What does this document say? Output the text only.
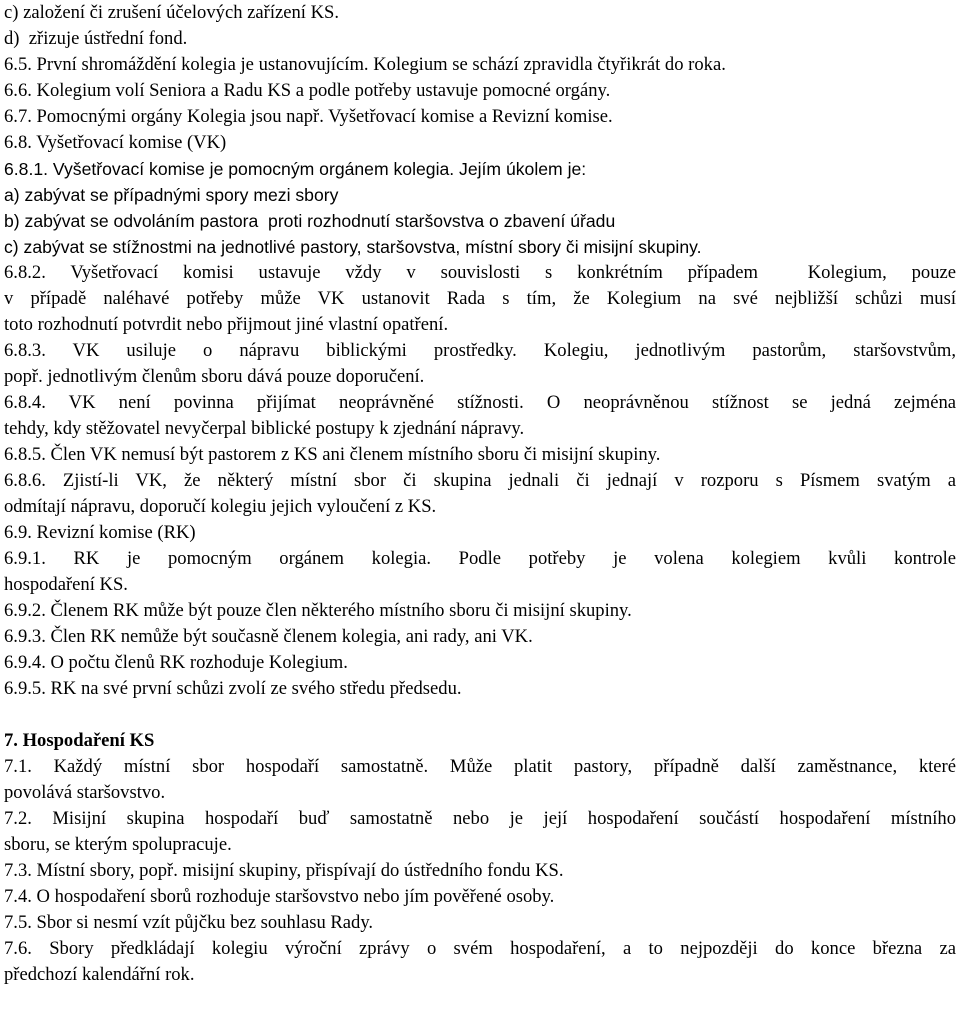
c) založení či zrušení účelových zařízení KS.
d)  zřizuje ústřední fond.
6.5. První shromáždění kolegia je ustanovujícím. Kolegium se schází zpravidla čtyřikrát do roka.
6.6. Kolegium volí Seniora a Radu KS a podle potřeby ustavuje pomocné orgány.
6.7. Pomocnými orgány Kolegia jsou např. Vyšetřovací komise a Revizní komise.
6.8. Vyšetřovací komise (VK)
6.8.1. Vyšetřovací komise je pomocným orgánem kolegia. Jejím úkolem je:
a) zabývat se případnými spory mezi sbory
b) zabývat se odvoláním pastora  proti rozhodnutí staršovstva o zbavení úřadu
c) zabývat se stížnostmi na jednotlivé pastory, staršovstva, místní sbory či misijní skupiny.
6.8.2. Vyšetřovací komisi ustavuje vždy v souvislosti s konkrétním případem  Kolegium, pouze
v případě naléhavé potřeby může VK ustanovit Rada s tím, že Kolegium na své nejbližší schůzi musí
toto rozhodnutí potvrdit nebo přijmout jiné vlastní opatření.
6.8.3. VK usiluje o nápravu biblickými prostředky. Kolegiu, jednotlivým pastorům, staršovstvům,
popř. jednotlivým členům sboru dává pouze doporučení.
6.8.4. VK není povinna přijímat neoprávněné stížnosti. O neoprávněnou stížnost se jedná zejména
tehdy, kdy stěžovatel nevyčerpal biblické postupy k zjednání nápravy.
6.8.5. Člen VK nemusí být pastorem z KS ani členem místního sboru či misijní skupiny.
6.8.6. Zjistí-li VK, že některý místní sbor či skupina jednali či jednají v rozporu s Písmem svatým a
odmítají nápravu, doporučí kolegiu jejich vyloučení z KS.
6.9. Revizní komise (RK)
6.9.1. RK je pomocným orgánem kolegia. Podle potřeby je volena kolegiem kvůli kontrole
hospodaření KS.
6.9.2. Členem RK může být pouze člen některého místního sboru či misijní skupiny.
6.9.3. Člen RK nemůže být současně členem kolegia, ani rady, ani VK.
6.9.4. O počtu členů RK rozhoduje Kolegium.
6.9.5. RK na své první schůzi zvolí ze svého středu předsedu.
7. Hospodaření KS
7.1. Každý místní sbor hospodaří samostatně. Může platit pastory, případně další zaměstnance, které
povolává staršovstvo.
7.2. Misijní skupina hospodaří buď samostatně nebo je její hospodaření součástí hospodaření místního
sboru, se kterým spolupracuje.
7.3. Místní sbory, popř. misijní skupiny, přispívají do ústředního fondu KS.
7.4. O hospodaření sborů rozhoduje staršovstvo nebo jím pověřené osoby.
7.5. Sbor si nesmí vzít půjčku bez souhlasu Rady.
7.6. Sbory předkládají kolegiu výroční zprávy o svém hospodaření, a to nejpozději do konce března za
předchozí kalendářní rok.
